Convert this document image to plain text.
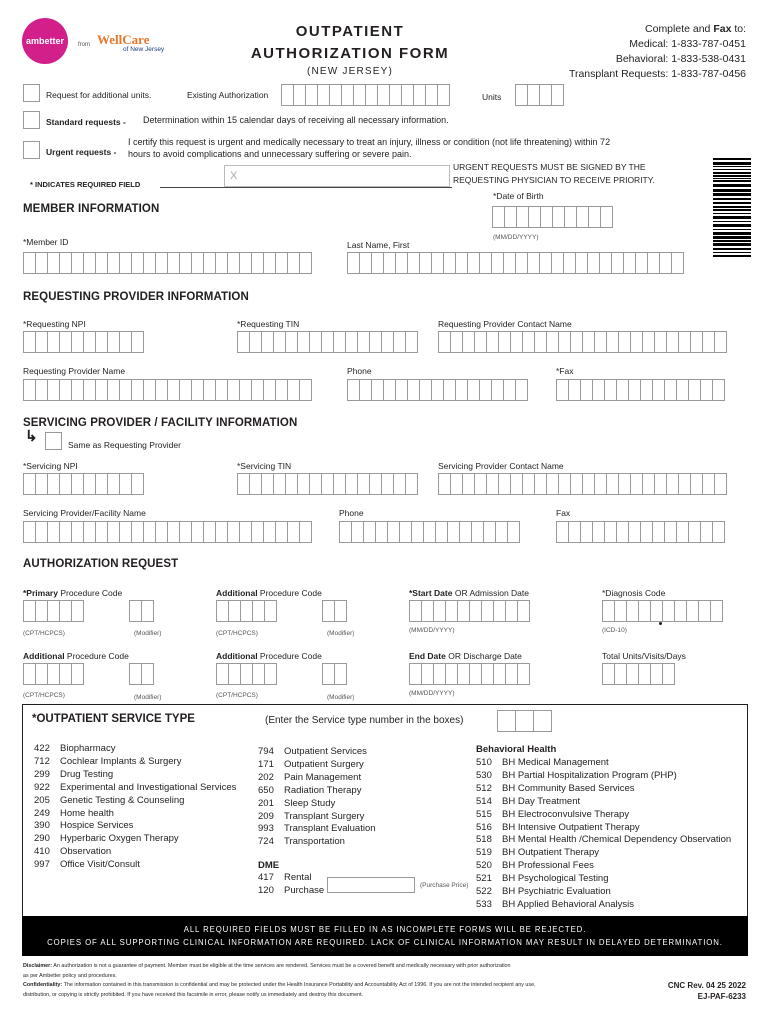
ambetter from WellCare
of New Jersey
OUTPATIENT
AUTHORIZATION FORM
(NEW JERSEY)
Complete and Fax to:
Medical: 1-833-787-0451
Behavioral: 1-833-538-0431
Transplant Requests: 1-833-787-0456
Request for additional units.	Existing Authorization	Units
Standard requests - Determination within 15 calendar days of receiving all necessary information.
Urgent requests -
I certify this request is urgent and medically necessary to treat an injury, illness or condition (not life threatening) within 72
hours to avoid complications and unnecessary suffering or severe pain.
X
* INDICATES REQUIRED FIELD
URGENT REQUESTS MUST BE SIGNED BY THE
REQUESTING PHYSICIAN TO RECEIVE PRIORITY.
MEMBER INFORMATION
*Date of Birth
(MM/DD/YYYY)
*Member ID	Last Name, First
REQUESTING PROVIDER INFORMATION
*Requesting NPI	*Requesting TIN	Requesting Provider Contact Name
Requesting Provider Name	Phone	*Fax
SERVICING PROVIDER / FACILITY INFORMATION
↳	Same as Requesting Provider
*Servicing NPI	*Servicing TIN	Servicing Provider Contact Name
Servicing Provider/Facility Name	Phone	Fax
AUTHORIZATION REQUEST
*Primary Procedure Code	Additional Procedure Code	*Start Date OR Admission Date	*Diagnosis Code
(CPT/HCPCS)	(Modifier)	(CPT/HCPCS)	(Modifier)	(MM/DD/YYYY)	(ICD-10)
Additional Procedure Code	Additional Procedure Code	End Date OR Discharge Date	Total Units/Visits/Days
(CPT/HCPCS)	(Modifier)	(CPT/HCPCS)	(Modifier)
(MM/DD/YYYY)
*OUTPATIENT SERVICE TYPE	(Enter the Service type number in the boxes)
422	Biopharmacy
712	Cochlear Implants & Surgery
299	Drug Testing
922	Experimental and Investigational Services
205	Genetic Testing & Counseling
249	Home health
390	Hospice Services
290	Hyperbaric Oxygen Therapy
410	Observation
997	Office Visit/Consult
794	Outpatient Services
171	Outpatient Surgery
202	Pain Management
650	Radiation Therapy
201	Sleep Study
209	Transplant Surgery
993	Transplant Evaluation
724	Transportation
DME
417	Rental
120	Purchase	(Purchase Price)
Behavioral Health
510	BH Medical Management
530	BH Partial Hospitalization Program (PHP)
512	BH Community Based Services
514	BH Day Treatment
515	BH Electroconvulsive Therapy
516	BH Intensive Outpatient Therapy
518	BH Mental Health /Chemical Dependency Observation
519	BH Outpatient Therapy
520	BH Professional Fees
521	BH Psychological Testing
522	BH Psychiatric Evaluation
533	BH Applied Behavioral Analysis
ALL REQUIRED FIELDS MUST BE FILLED IN AS INCOMPLETE FORMS WILL BE REJECTED.
COPIES OF ALL SUPPORTING CLINICAL INFORMATION ARE REQUIRED. LACK OF CLINICAL INFORMATION MAY RESULT IN DELAYED DETERMINATION.
Disclaimer: An authorization is not a guarantee of payment. Member must be eligible at the time services are rendered. Services must be a covered benefit and medically necessary with prior authorization
as per Ambetter policy and procedures.
Confidentiality: The information contained in this transmission is confidential and may be protected under the Health Insurance Portability and Accountability Act of 1996. If you are not the intended recipient any use,
distribution, or copying is strictly prohibited. If you have received this facsimile in error, please notify us immediately and destroy this document.
CNC Rev. 04 25 2022
EJ-PAF-6233
